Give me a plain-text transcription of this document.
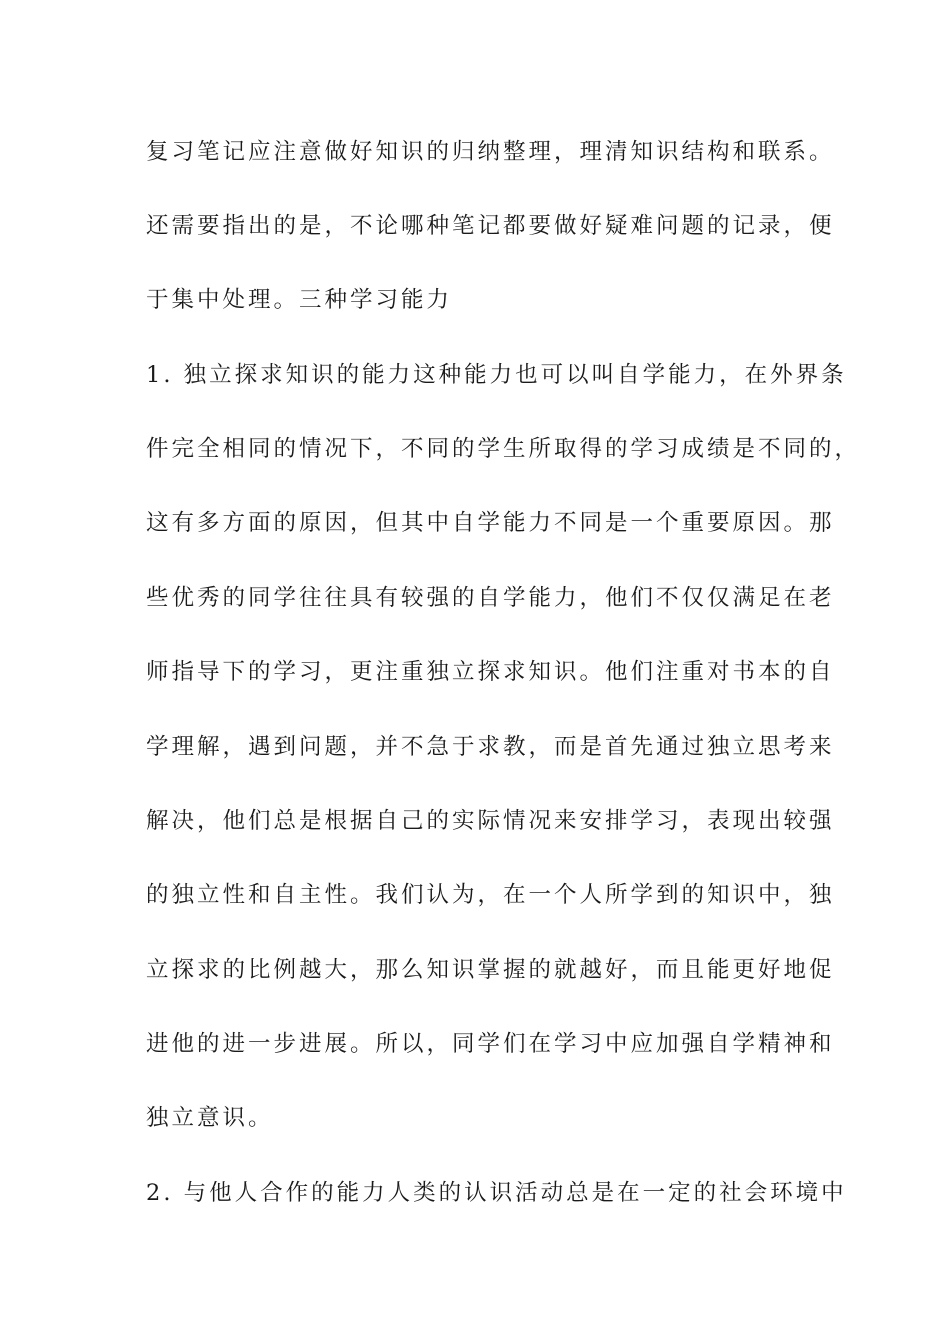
复习笔记应注意做好知识的归纳整理，理清知识结构和联系。
还需要指出的是，不论哪种笔记都要做好疑难问题的记录，便
于集中处理。三种学习能力
1. 独立探求知识的能力这种能力也可以叫自学能力，在外界条
件完全相同的情况下，不同的学生所取得的学习成绩是不同的，
这有多方面的原因，但其中自学能力不同是一个重要原因。那
些优秀的同学往往具有较强的自学能力，他们不仅仅满足在老
师指导下的学习，更注重独立探求知识。他们注重对书本的自
学理解，遇到问题，并不急于求教，而是首先通过独立思考来
解决，他们总是根据自己的实际情况来安排学习，表现出较强
的独立性和自主性。我们认为，在一个人所学到的知识中，独
立探求的比例越大，那么知识掌握的就越好，而且能更好地促
进他的进一步进展。所以，同学们在学习中应加强自学精神和
独立意识。
2. 与他人合作的能力人类的认识活动总是在一定的社会环境中
